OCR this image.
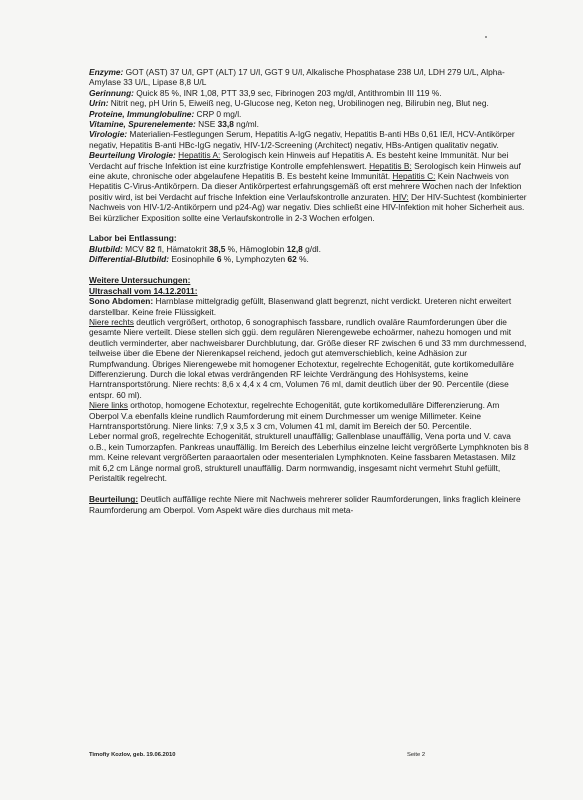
Enzyme: GOT (AST) 37 U/l, GPT (ALT) 17 U/l, GGT 9 U/l, Alkalische Phosphatase 238 U/l, LDH 279 U/L, Alpha-Amylase 33 U/L, Lipase 8,8 U/L

Gerinnung: Quick 85 %, INR 1,08, PTT 33,9 sec, Fibrinogen 203 mg/dl, Antithrombin III 119 %.

Urin: Nitrit neg, pH Urin 5, Eiweiß neg, U-Glucose neg, Keton neg, Urobilinogen neg, Bilirubin neg, Blut neg.

Proteine, Immunglobuline: CRP 0 mg/l.

Vitamine, Spurenelemente: NSE 33,8 ng/ml.

Virologie: Materialien-Festlegungen Serum, Hepatitis A-IgG negativ, Hepatitis B-anti HBs 0,61 IE/l, HCV-Antikörper negativ, Hepatitis B-anti HBc-IgG negativ, HIV-1/2-Screening (Architect) negativ, HBs-Antigen qualitativ negativ.

Beurteilung Virologie: Hepatitis A: Serologisch kein Hinweis auf Hepatitis A. Es besteht keine Immunität. Nur bei Verdacht auf frische Infektion ist eine kurzfristige Kontrolle empfehlenswert. Hepatitis B: Serologisch kein Hinweis auf eine akute, chronische oder abgelaufene Hepatitis B. Es besteht keine Immunität. Hepatitis C: Kein Nachweis von Hepatitis C-Virus-Antikörpern. Da dieser Antikörpertest erfahrungsgemäß oft erst mehrere Wochen nach der Infektion positiv wird, ist bei Verdacht auf frische Infektion eine Verlaufskontrolle anzuraten. HIV: Der HIV-Suchtest (kombinierter Nachweis von HIV-1/2-Antikörpern und p24-Ag) war negativ. Dies schließt eine HIV-Infektion mit hoher Sicherheit aus. Bei kürzlicher Exposition sollte eine Verlaufskontrolle in 2-3 Wochen erfolgen.

Labor bei Entlassung:

Blutbild: MCV 82 fl, Hämatokrit 38,5 %, Hämoglobin 12,8 g/dl.

Differential-Blutbild: Eosinophile 6 %, Lymphozyten 62 %.

Weitere Untersuchungen:

Ultraschall vom 14.12.2011:

Sono Abdomen: Harnblase mittelgradig gefüllt, Blasenwand glatt begrenzt, nicht verdickt. Ureteren nicht erweitert darstellbar. Keine freie Flüssigkeit.

Niere rechts deutlich vergrößert, orthotop, 6 sonographisch fassbare, rundlich ovaläre Raumforderungen über die gesamte Niere verteilt. Diese stellen sich ggü. dem regulären Nierengewebe echoärmer, nahezu homogen und mit deutlich verminderter, aber nachweisbarer Durchblutung, dar. Größe dieser RF zwischen 6 und 33 mm durchmessend, teilweise über die Ebene der Nierenkapsel reichend, jedoch gut atemverschieblich, keine Adhäsion zur Rumpfwandung. Übriges Nierengewebe mit homogener Echotextur, regelrechte Echogenität, gute kortikomedulläre Differenzierung. Durch die lokal etwas verdrängenden RF leichte Verdrängung des Hohlsystems, keine Harntransportstörung. Niere rechts: 8,6 x 4,4 x 4 cm, Volumen 76 ml, damit deutlich über der 90. Percentile (diese entspr. 60 ml).

Niere links orthotop, homogene Echotextur, regelrechte Echogenität, gute kortikomedulläre Differenzierung. Am Oberpol V.a ebenfalls kleine rundlich Raumforderung mit einem Durchmesser um wenige Millimeter. Keine Harntransportstörung. Niere links: 7,9 x 3,5 x 3 cm, Volumen 41 ml, damit im Bereich der 50. Percentile.

Leber normal groß, regelrechte Echogenität, strukturell unauffällig; Gallenblase unauffällig, Vena porta und V. cava o.B., kein Tumorzapfen. Pankreas unauffällig. Im Bereich des Leberhilus einzelne leicht vergrößerte Lymphknoten bis 8 mm. Keine relevant vergrößerten paraaortalen oder mesenterialen Lymphknoten. Keine fassbaren Metastasen. Milz mit 6,2 cm Länge normal groß, strukturell unauffällig. Darm normwandig, insgesamt nicht vermehrt Stuhl gefüllt, Peristaltik regelrecht.

Beurteilung: Deutlich auffällige rechte Niere mit Nachweis mehrerer solider Raumforderungen, links fraglich kleinere Raumforderung am Oberpol. Vom Aspekt wäre dies durchaus mit meta-

Timofiy Kozlov, geb. 19.06.2010	Seite 2
